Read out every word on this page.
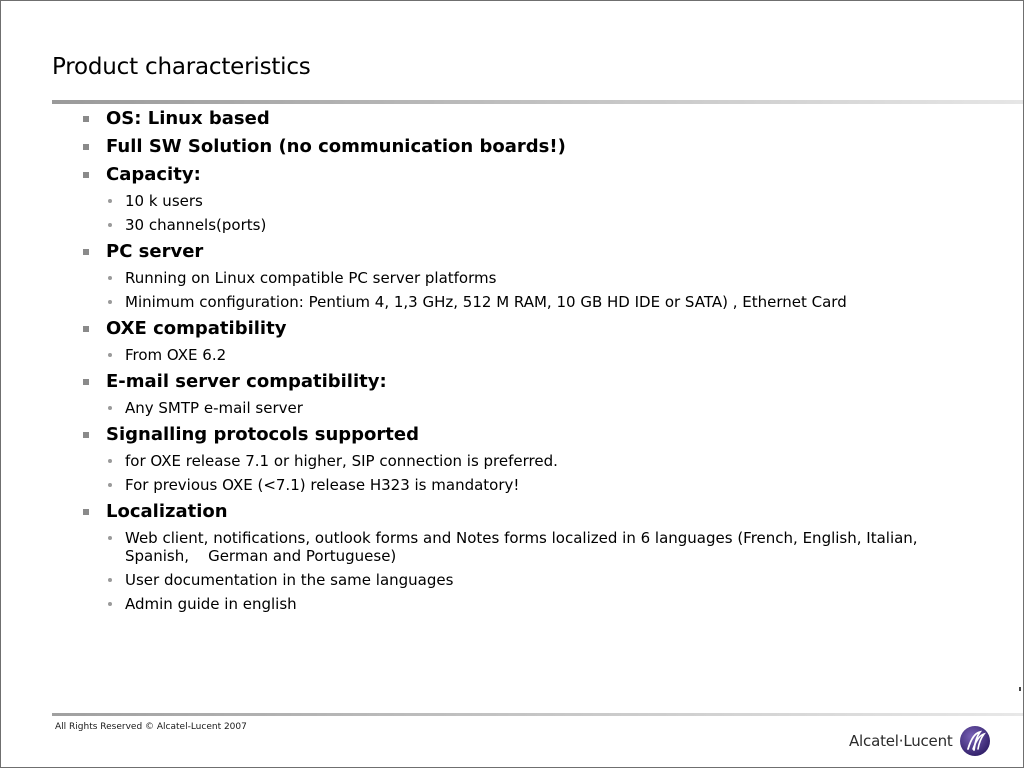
Product characteristics
OS: Linux based
Full SW Solution (no communication boards!)
Capacity:
10 k users
30 channels(ports)
PC server
Running on Linux compatible PC server platforms
Minimum configuration: Pentium 4, 1,3 GHz, 512 M RAM, 10 GB HD IDE or SATA) , Ethernet Card
OXE compatibility
From OXE 6.2
E-mail server compatibility:
Any SMTP e-mail server
Signalling protocols supported
for OXE release 7.1 or higher, SIP connection is preferred.
For previous OXE (<7.1) release H323 is mandatory!
Localization
Web client, notifications, outlook forms and Notes forms localized in 6 languages (French, English, Italian, Spanish,    German and Portuguese)
User documentation in the same languages
Admin guide in english
All Rights Reserved © Alcatel-Lucent 2007
Alcatel·Lucent
